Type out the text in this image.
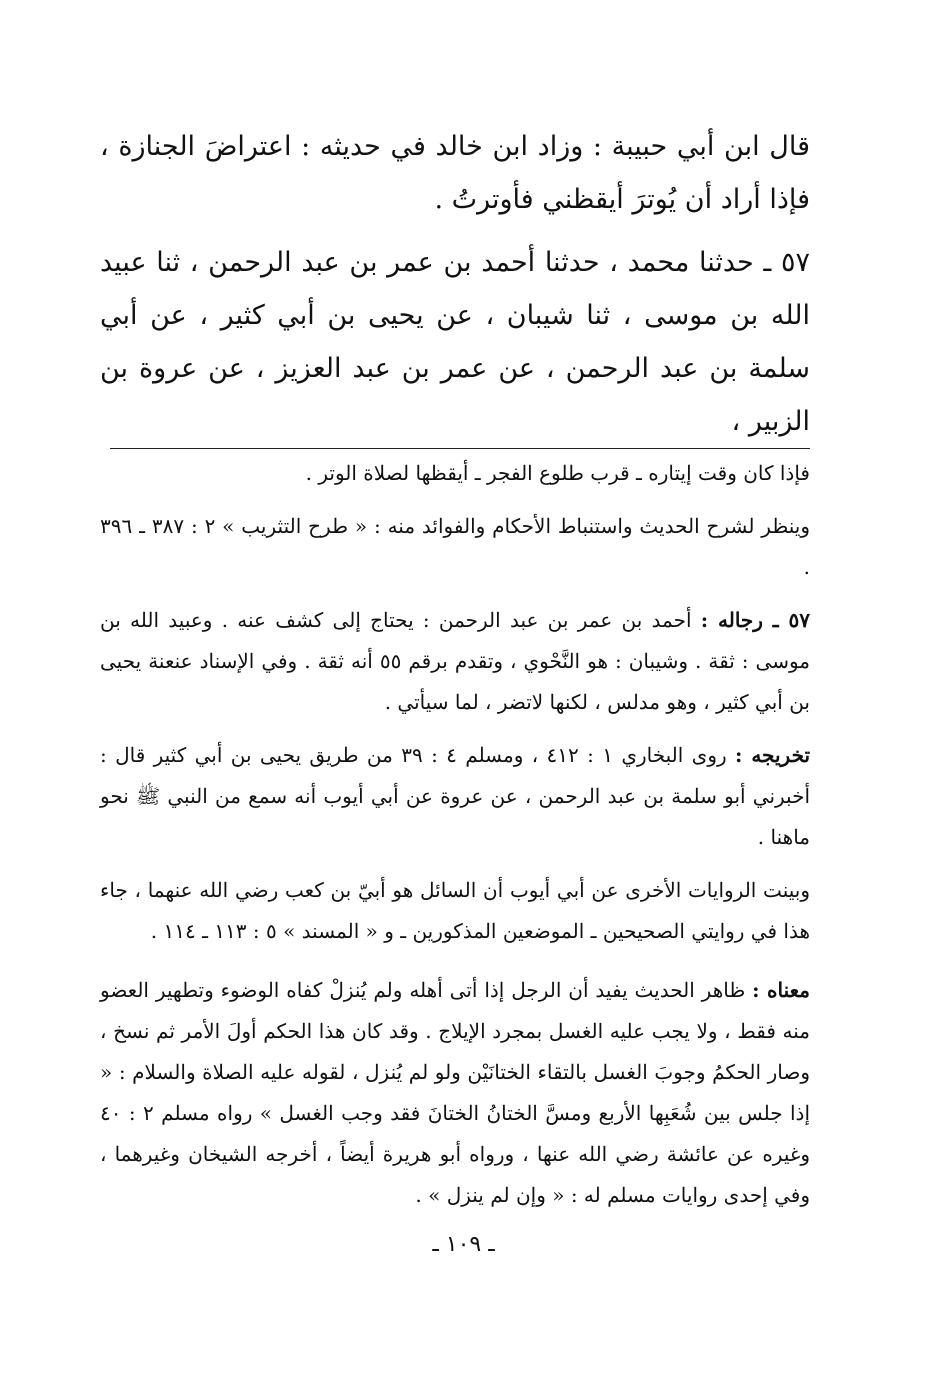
قال ابن أبي حبيبة : وزاد ابن خالد في حديثه : اعتراضَ الجنازة ، فإذا أراد أن يُوترَ أيقظني فأوترتُ .

٥٧ ـ حدثنا محمد ، حدثنا أحمد بن عمر بن عبد الرحمن ، ثنا عبيد الله بن موسى ، ثنا شيبان ، عن يحيى بن أبي كثير ، عن أبي سلمة بن عبد الرحمن ، عن عمر بن عبد العزيز ، عن عروة بن الزبير ،

فإذا كان وقت إيتاره ـ قرب طلوع الفجر ـ أيقظها لصلاة الوتر .

وينظر لشرح الحديث واستنباط الأحكام والفوائد منه : « طرح التثريب » ٢ : ٣٨٧ ـ ٣٩٦ .

٥٧ ـ رجاله : أحمد بن عمر بن عبد الرحمن : يحتاج إلى كشف عنه . وعبيد الله بن موسى : ثقة . وشيبان : هو النَّحْوي ، وتقدم برقم ٥٥ أنه ثقة . وفي الإسناد عنعنة يحيى بن أبي كثير ، وهو مدلس ، لكنها لاتضر ، لما سيأتي .

تخريجه : روى البخاري ١ : ٤١٢ ، ومسلم ٤ : ٣٩ من طريق يحيى بن أبي كثير قال : أخبرني أبو سلمة بن عبد الرحمن ، عن عروة عن أبي أيوب أنه سمع من النبي ﷺ نحو ماهنا .

وبينت الروايات الأخرى عن أبي أيوب أن السائل هو أبيّ بن كعب رضي الله عنهما ، جاء هذا في روايتي الصحيحين ـ الموضعين المذكورين ـ و « المسند » ٥ : ١١٣ ـ ١١٤ .

معناه : ظاهر الحديث يفيد أن الرجل إذا أتى أهله ولم يُنزلْ كفاه الوضوء وتطهير العضو منه فقط ، ولا يجب عليه الغسل بمجرد الإيلاج . وقد كان هذا الحكم أولَ الأمر ثم نسخ ، وصار الحكمُ وجوبَ الغسل بالتقاء الختانَيْن ولو لم يُنزل ، لقوله عليه الصلاة والسلام : « إذا جلس بين شُعَبِها الأربع ومسَّ الختانُ الختانَ فقد وجب الغسل » رواه مسلم ٢ : ٤٠ وغيره عن عائشة رضي الله عنها ، ورواه أبو هريرة أيضاً ، أخرجه الشيخان وغيرهما ، وفي إحدى روايات مسلم له : « وإن لم ينزل » .

ـ ١٠٩ ـ
